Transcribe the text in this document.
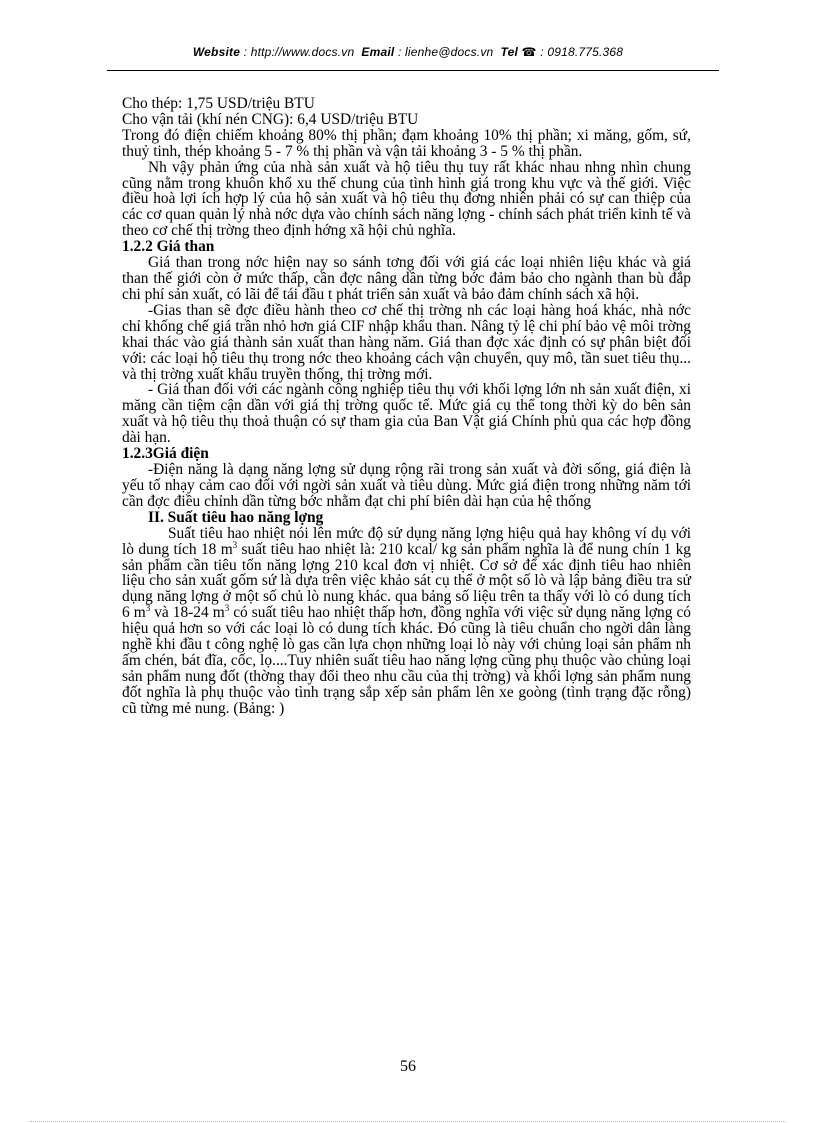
Website : http://www.docs.vn Email : lienhe@docs.vn Tel ☎ : 0918.775.368

Cho thép: 1,75 USD/triệu BTU

Cho vận tải (khí nén CNG): 6,4 USD/triệu BTU

Trong đó điện chiếm khoảng 80% thị phần; đạm khoảng 10% thị phần; xi măng, gốm, sứ, thuỷ tinh, thép khoảng 5 - 7 % thị phần và vận tải khoảng 3 - 5 % thị phần.

Nh vậy phản ứng của nhà sản xuất và hộ tiêu thụ tuy rất khác nhau nhng nhìn chung cũng nằm trong khuôn khổ xu thế chung của tình hình giá trong khu vực và thế giới. Việc điều hoà lợi ích hợp lý của hộ sản xuất và hộ tiêu thụ đơng nhiên phải có sự can thiệp của các cơ quan quản lý nhà nớc dựa vào chính sách năng lợng - chính sách phát triển kinh tế và theo cơ chế thị trờng theo định hớng xã hội chủ nghĩa.

1.2.2 Giá than

Giá than trong nớc hiện nay so sánh tơng đối với giá các loại nhiên liệu khác và giá than thế giới còn ở mức thấp, cần đợc nâng dần từng bớc đảm bảo cho ngành than bù đắp chi phí sản xuất, có lãi để tái đầu t phát triển sản xuất và bảo đảm chính sách xã hội.

-Gias than sẽ đợc điều hành theo cơ chế thị trờng nh các loại hàng hoá khác, nhà nớc chỉ khống chế giá trần nhỏ hơn giá CIF nhập khẩu than. Nâng tỷ lệ chi phí bảo vệ môi trờng khai thác vào giá thành sản xuất than hàng năm. Giá than đợc xác định có sự phân biệt đối với: các loại hộ tiêu thụ trong nớc theo khoảng cách vận chuyển, quy mô, tần suet tiêu thụ... và thị trờng xuất khẩu truyền thống, thị trờng mới.

- Giá than đối với các ngành công nghiệp tiêu thụ với khối lợng lớn nh sản xuất điện, xi măng cần tiệm cận dần với giá thị trờng quốc tế. Mức giá cụ thể tong thời kỳ do bên sản xuất và hộ tiêu thụ thoả thuận có sự tham gia của Ban Vật giá Chính phủ qua các hợp đồng dài hạn.

1.2.3Giá điện

-Điện năng là dạng năng lợng sử dụng rộng rãi trong sản xuất và đời sống, giá điện là yếu tố nhạy cảm cao đối với ngời sản xuất và tiêu dùng. Mức giá điện trong những năm tới cần đợc điều chỉnh dần từng bớc nhằm đạt chi phí biên dài hạn của hệ thống

II. Suất tiêu hao năng lợng

Suất tiêu hao nhiệt nói lên mức độ sử dụng năng lợng hiệu quả hay không ví dụ với lò dung tích 18 $m^3$ suất tiêu hao nhiệt là: 210 kcal/ kg sản phẩm nghĩa là để nung chín 1 kg sản phẩm cần tiêu tốn năng lợng 210 kcal đơn vị nhiệt. Cơ sở để xác định tiêu hao nhiên liệu cho sản xuất gốm sứ là dựa trên việc khảo sát cụ thể ở một số lò và lập bảng điều tra sử dụng năng lợng ở một số chủ lò nung khác. qua bảng số liệu trên ta thấy với lò có dung tích 6 $m^3$ và 18-24 $m^3$ có suất tiêu hao nhiệt thấp hơn, đồng nghĩa với việc sử dụng năng lợng có hiệu quả hơn so với các loại lò có dung tích khác. Đó cũng là tiêu chuẩn cho ngời dân làng nghề khi đầu t công nghệ lò gas cần lựa chọn những loại lò này với chủng loại sản phẩm nh ấm chén, bát đĩa, cốc, lọ....Tuy nhiên suất tiêu hao năng lợng cũng phụ thuộc vào chủng loại sản phẩm nung đốt (thờng thay đổi theo nhu cầu của thị trờng) và khối lợng sản phẩm nung đốt nghĩa là phụ thuộc vào tình trạng sắp xếp sản phẩm lên xe goòng (tình trạng đặc rỗng) cũ từng mẻ nung. (Bảng: )

56
